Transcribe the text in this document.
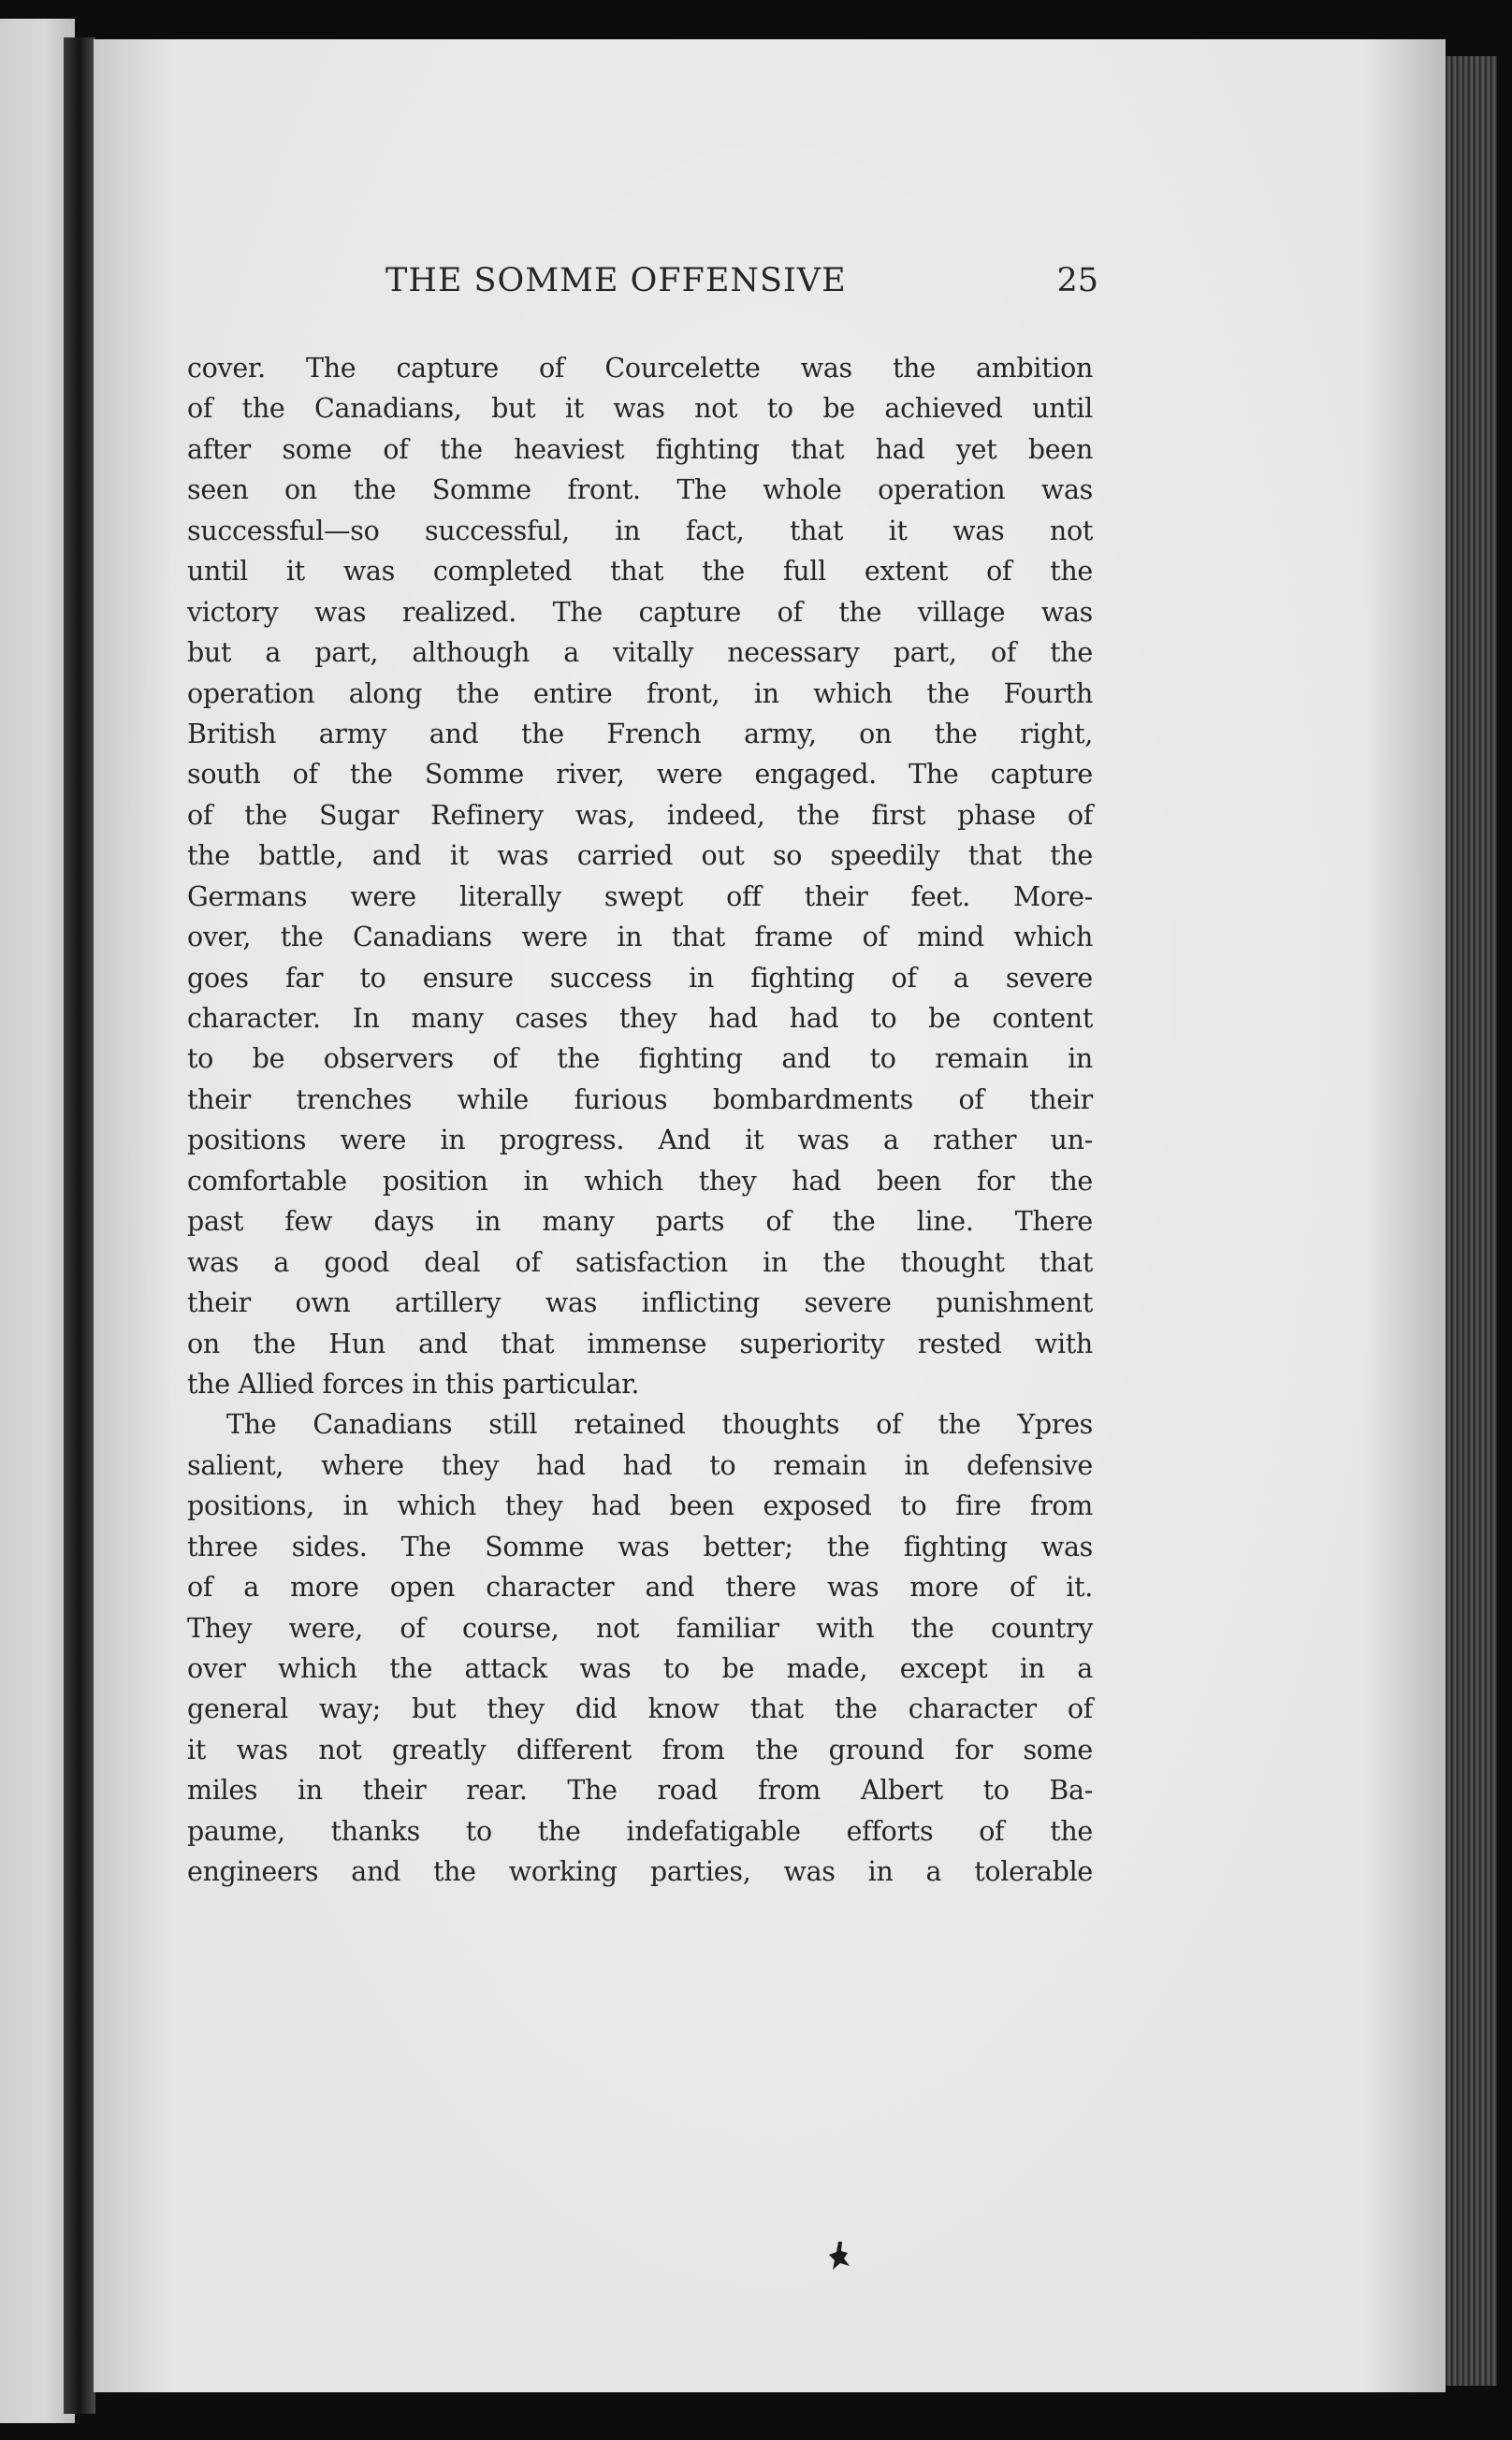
THE SOMME OFFENSIVE	25
cover. The capture of Courcelette was the ambition
of the Canadians, but it was not to be achieved until
after some of the heaviest fighting that had yet been
seen on the Somme front. The whole operation was
successful—so successful, in fact, that it was not
until it was completed that the full extent of the
victory was realized. The capture of the village was
but a part, although a vitally necessary part, of the
operation along the entire front, in which the Fourth
British army and the French army, on the right,
south of the Somme river, were engaged. The capture
of the Sugar Refinery was, indeed, the first phase of
the battle, and it was carried out so speedily that the
Germans were literally swept off their feet. More-
over, the Canadians were in that frame of mind which
goes far to ensure success in fighting of a severe
character. In many cases they had had to be content
to be observers of the fighting and to remain in
their trenches while furious bombardments of their
positions were in progress. And it was a rather un-
comfortable position in which they had been for the
past few days in many parts of the line. There
was a good deal of satisfaction in the thought that
their own artillery was inflicting severe punishment
on the Hun and that immense superiority rested with
the Allied forces in this particular.
The Canadians still retained thoughts of the Ypres
salient, where they had had to remain in defensive
positions, in which they had been exposed to fire from
three sides. The Somme was better; the fighting was
of a more open character and there was more of it.
They were, of course, not familiar with the country
over which the attack was to be made, except in a
general way; but they did know that the character of
it was not greatly different from the ground for some
miles in their rear. The road from Albert to Ba-
paume, thanks to the indefatigable efforts of the
engineers and the working parties, was in a tolerable
